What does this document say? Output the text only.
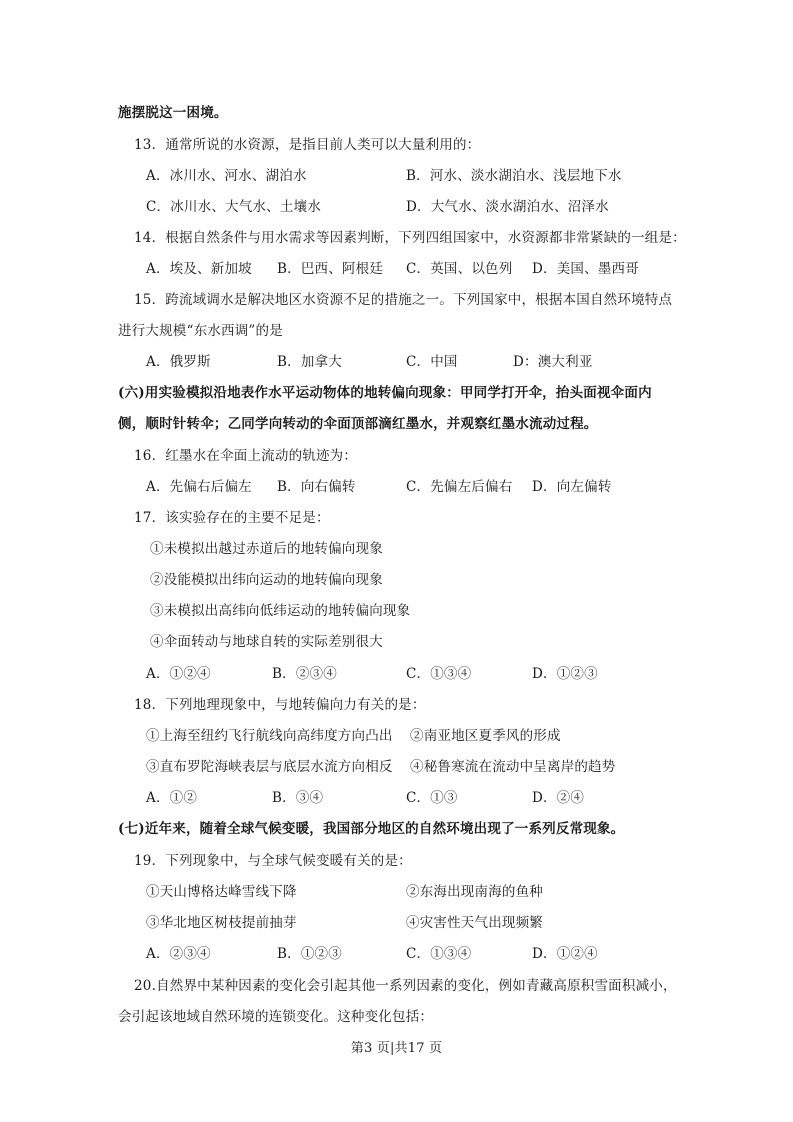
施摆脱这一困境。
13．通常所说的水资源，是指目前人类可以大量利用的：
A．冰川水、河水、湖泊水	B．河水、淡水湖泊水、浅层地下水
C．冰川水、大气水、土壤水	D．大气水、淡水湖泊水、沼泽水
14．根据自然条件与用水需求等因素判断，下列四组国家中，水资源都非常紧缺的一组是：
A．埃及、新加坡 B．巴西、阿根廷 C．英国、以色列 D．美国、墨西哥
15．跨流域调水是解决地区水资源不足的措施之一。下列国家中，根据本国自然环境特点
进行大规模“东水西调”的是
A．俄罗斯	B．加拿大	C．中国	D：澳大利亚
(六)用实验模拟沿地表作水平运动物体的地转偏向现象：甲同学打开伞，抬头面视伞面内
侧，顺时针转伞；乙同学向转动的伞面顶部滴红墨水，并观察红墨水流动过程。
16．红墨水在伞面上流动的轨迹为：
A．先偏右后偏左 B．向右偏转	C．先偏左后偏右 D．向左偏转
17．该实验存在的主要不足是：
①未模拟出越过赤道后的地转偏向现象
②没能模拟出纬向运动的地转偏向现象
③未模拟出高纬向低纬运动的地转偏向现象
④伞面转动与地球自转的实际差别很大
A．①②④	B．②③④	C．①③④	D．①②③
18．下列地理现象中，与地转偏向力有关的是：
①上海至纽约飞行航线向高纬度方向凸出 ②南亚地区夏季风的形成
③直布罗陀海峡表层与底层水流方向相反 ④秘鲁寒流在流动中呈离岸的趋势
A．①②	B．③④	C．①③	D．②④
(七)近年来，随着全球气候变暖，我国部分地区的自然环境出现了一系列反常现象。
19．下列现象中，与全球气候变暖有关的是：
①天山博格达峰雪线下降	②东海出现南海的鱼种
③华北地区树枝提前抽芽	④灾害性天气出现频繁
A．②③④	B．①②③	C．①③④	D．①②④
20.自然界中某种因素的变化会引起其他一系列因素的变化，例如青藏高原积雪面积减小，
会引起该地域自然环境的连锁变化。这种变化包括：
第3 页|共17 页
